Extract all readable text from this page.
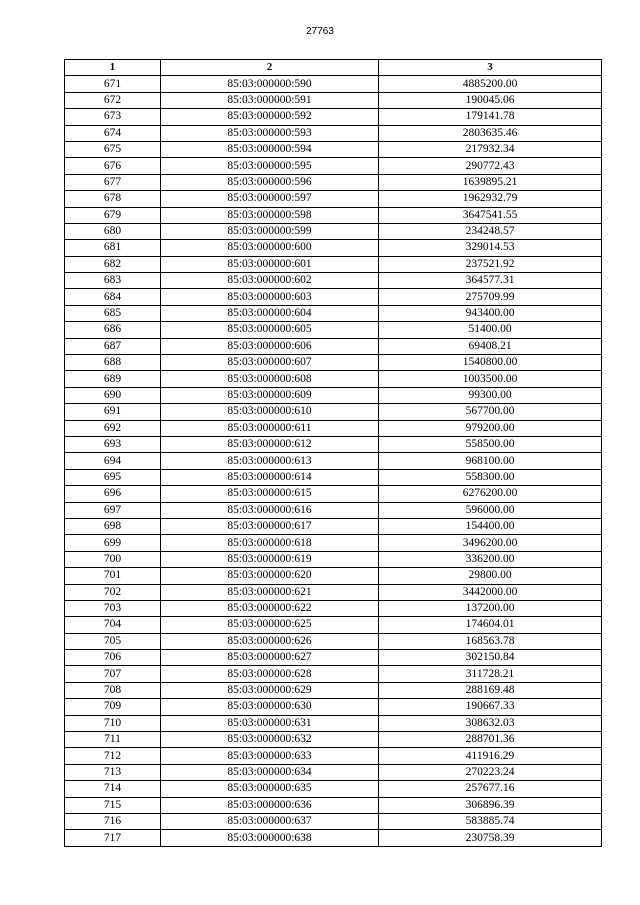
27763
1	2	3
671	85:03:000000:590	4885200.00
672	85:03:000000:591	190045.06
673	85:03:000000:592	179141.78
674	85:03:000000:593	2803635.46
675	85:03:000000:594	217932.34
676	85:03:000000:595	290772.43
677	85:03:000000:596	1639895.21
678	85:03:000000:597	1962932.79
679	85:03:000000:598	3647541.55
680	85:03:000000:599	234248.57
681	85:03:000000:600	329014.53
682	85:03:000000:601	237521.92
683	85:03:000000:602	364577.31
684	85:03:000000:603	275709.99
685	85:03:000000:604	943400.00
686	85:03:000000:605	51400.00
687	85:03:000000:606	69408.21
688	85:03:000000:607	1540800.00
689	85:03:000000:608	1003500.00
690	85:03:000000:609	99300.00
691	85:03:000000:610	567700.00
692	85:03:000000:611	979200.00
693	85:03:000000:612	558500.00
694	85:03:000000:613	968100.00
695	85:03:000000:614	558300.00
696	85:03:000000:615	6276200.00
697	85:03:000000:616	596000.00
698	85:03:000000:617	154400.00
699	85:03:000000:618	3496200.00
700	85:03:000000:619	336200.00
701	85:03:000000:620	29800.00
702	85:03:000000:621	3442000.00
703	85:03:000000:622	137200.00
704	85:03:000000:625	174604.01
705	85:03:000000:626	168563.78
706	85:03:000000:627	302150.84
707	85:03:000000:628	311728.21
708	85:03:000000:629	288169.48
709	85:03:000000:630	190667.33
710	85:03:000000:631	308632.03
711	85:03:000000:632	288701.36
712	85:03:000000:633	411916.29
713	85:03:000000:634	270223.24
714	85:03:000000:635	257677.16
715	85:03:000000:636	306896.39
716	85:03:000000:637	583885.74
717	85:03:000000:638	230758.39
